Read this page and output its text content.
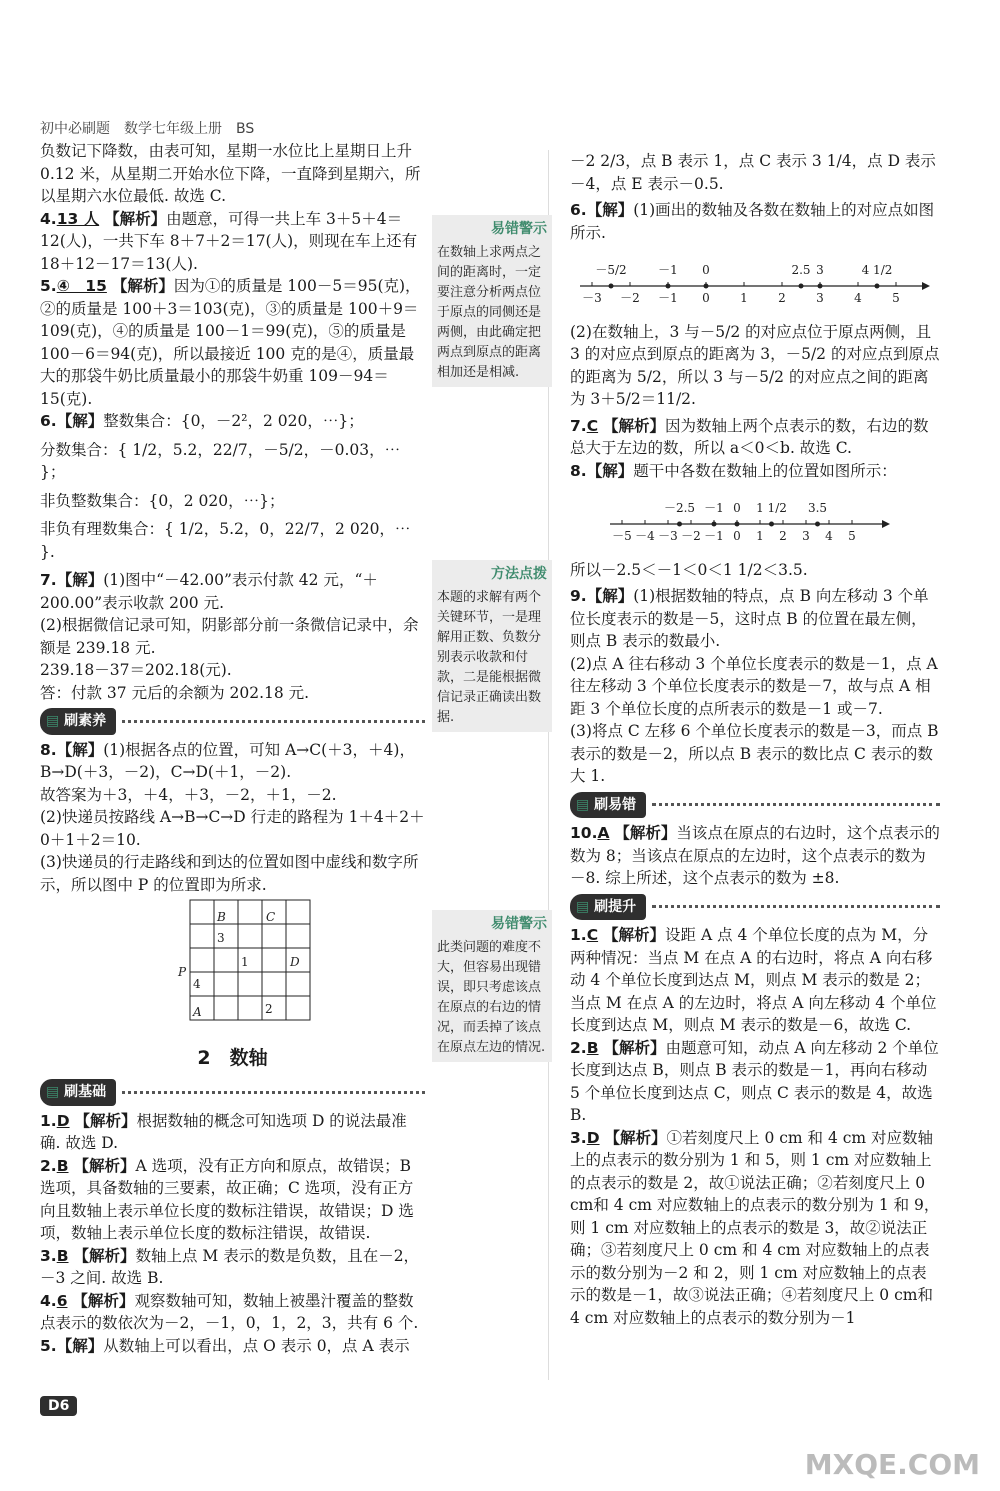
初中必刷题　数学七年级上册　BS

负数记下降数，由表可知，星期一水位比上星期日上升 0.12 米，从星期二开始水位下降，一直降到星期六，所以星期六水位最低. 故选 C.

4.13 人 【解析】由题意，可得一共上车 3＋5＋4＝12(人)，一共下车 8＋7＋2＝17(人)，则现在车上还有 18＋12－17＝13(人).

5.④　15 【解析】因为①的质量是 100－5＝95(克)，②的质量是 100＋3＝103(克)，③的质量是 100＋9＝109(克)，④的质量是 100－1＝99(克)，⑤的质量是 100－6＝94(克)，所以最接近 100 克的是④，质量最大的那袋牛奶比质量最小的那袋牛奶重 109－94＝15(克).

6.【解】整数集合：{0，－2²，2 020，⋯}；

分数集合：{ 1/2，5.2，22/7，－5/2，－0.03，⋯ }；

非负整数集合：{0，2 020，⋯}；

非负有理数集合：{ 1/2，5.2，0，22/7，2 020，⋯ }.

7.【解】(1)图中“－42.00”表示付款 42 元，“＋200.00”表示收款 200 元.

(2)根据微信记录可知，阴影部分前一条微信记录中，余额是 239.18 元.

239.18－37＝202.18(元).

答：付款 37 元后的余额为 202.18 元.

▤ 刷素养

8.【解】(1)根据各点的位置，可知 A→C(＋3，＋4)，B→D(＋3，－2)，C→D(＋1，－2).

故答案为＋3，＋4，＋3，－2，＋1，－2.

(2)快递员按路线 A→B→C→D 行走的路程为 1＋4＋2＋0＋1＋2＝10.

(3)快递员的行走路线和到达的位置如图中虚线和数字所示，所以图中 P 的位置即为所求.

B	C
3
1	D
P
4
2
A
2　数轴
▤ 刷基础

1.D 【解析】根据数轴的概念可知选项 D 的说法最准确. 故选 D.

2.B 【解析】A 选项，没有正方向和原点，故错误；B 选项，具备数轴的三要素，故正确；C 选项，没有正方向且数轴上表示单位长度的数标注错误，故错误；D 选项，数轴上表示单位长度的数标注错误，故错误.

3.B 【解析】数轴上点 M 表示的数是负数，且在－2，－3 之间. 故选 B.

4.6 【解析】观察数轴可知，数轴上被墨汁覆盖的整数点表示的数依次为－2，－1，0，1，2，3，共有 6 个.

5.【解】从数轴上可以看出，点 O 表示 0，点 A 表示

易错警示
在数轴上求两点之间的距离时，一定要注意分析两点位于原点的同侧还是两侧，由此确定把两点到原点的距离相加还是相减.
方法点拨
本题的求解有两个关键环节，一是理解用正数、负数分别表示收款和付款，二是能根据微信记录正确读出数据.
易错警示
此类问题的难度不大，但容易出现错误，即只考虑该点在原点的右边的情况，而丢掉了该点在原点左边的情况.

－2 2/3，点 B 表示 1，点 C 表示 3 1/4，点 D 表示－4，点 E 表示－0.5.

6.【解】(1)画出的数轴及各数在数轴上的对应点如图所示.

－3 －2 －1 0	1	2	3	4	5
－5/2	－1 0	2.5 3	4 1/2

(2)在数轴上，3 与－5/2 的对应点位于原点两侧，且 3 的对应点到原点的距离为 3，－5/2 的对应点到原点的距离为 5/2，所以 3 与－5/2 的对应点之间的距离为 3＋5/2＝11/2.

7.C 【解析】因为数轴上两个点表示的数，右边的数总大于左边的数，所以 a＜0＜b. 故选 C.

8.【解】题干中各数在数轴上的位置如图所示：

－5 －4 －3 －2 －1 0 1 2 3 4 5
－2.5 －1 0 1 1/2 3.5

所以－2.5＜－1＜0＜1 1/2＜3.5.

9.【解】(1)根据数轴的特点，点 B 向左移动 3 个单位长度表示的数是－5，这时点 B 的位置在最左侧，则点 B 表示的数最小.

(2)点 A 往右移动 3 个单位长度表示的数是－1，点 A 往左移动 3 个单位长度表示的数是－7，故与点 A 相距 3 个单位长度的点所表示的数是－1 或－7.

(3)将点 C 左移 6 个单位长度表示的数是－3，而点 B 表示的数是－2，所以点 B 表示的数比点 C 表示的数大 1.

▤ 刷易错

10.A 【解析】当该点在原点的右边时，这个点表示的数为 8；当该点在原点的左边时，这个点表示的数为－8. 综上所述，这个点表示的数为 ±8.

▤ 刷提升

1.C 【解析】设距 A 点 4 个单位长度的点为 M，分两种情况：当点 M 在点 A 的右边时，将点 A 向右移动 4 个单位长度到达点 M，则点 M 表示的数是 2；当点 M 在点 A 的左边时，将点 A 向左移动 4 个单位长度到达点 M，则点 M 表示的数是－6，故选 C.

2.B 【解析】由题意可知，动点 A 向左移动 2 个单位长度到达点 B，则点 B 表示的数是－1，再向右移动 5 个单位长度到达点 C，则点 C 表示的数是 4，故选 B.

3.D 【解析】①若刻度尺上 0 cm 和 4 cm 对应数轴上的点表示的数分别为 1 和 5，则 1 cm 对应数轴上的点表示的数是 2，故①说法正确；②若刻度尺上 0 cm和 4 cm 对应数轴上的点表示的数分别为 1 和 9，则 1 cm 对应数轴上的点表示的数是 3，故②说法正确；③若刻度尺上 0 cm 和 4 cm 对应数轴上的点表示的数分别为－2 和 2，则 1 cm 对应数轴上的点表示的数是－1，故③说法正确；④若刻度尺上 0 cm和 4 cm 对应数轴上的点表示的数分别为－1

D6
MXQE.COM
